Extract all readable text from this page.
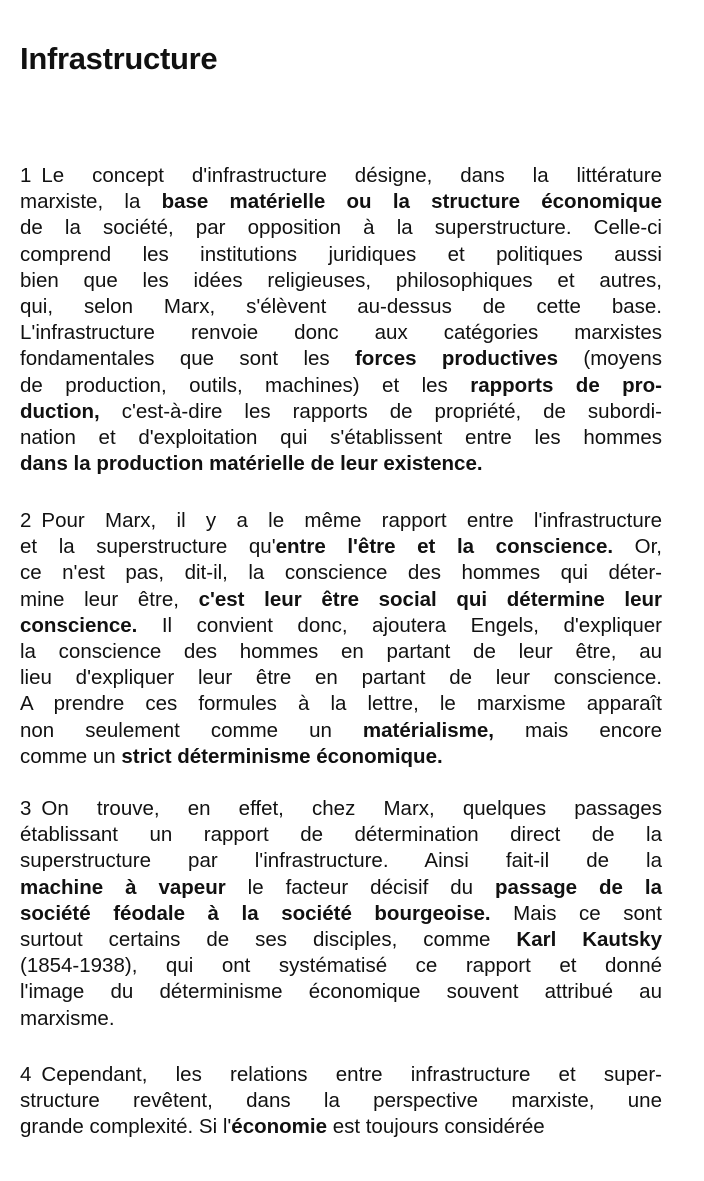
Infrastructure
1 Le concept d'infrastructure désigne, dans la littérature
marxiste, la base matérielle ou la structure économique
de la société, par opposition à la superstructure. Celle-ci
comprend les institutions juridiques et politiques aussi
bien que les idées religieuses, philosophiques et autres,
qui, selon Marx, s'élèvent au-dessus de cette base.
L'infrastructure renvoie donc aux catégories marxistes
fondamentales que sont les forces productives (moyens
de production, outils, machines) et les rapports de pro-
duction, c'est-à-dire les rapports de propriété, de subordi-
nation et d'exploitation qui s'établissent entre les hommes
dans la production matérielle de leur existence.
2 Pour Marx, il y a le même rapport entre l'infrastructure
et la superstructure qu'entre l'être et la conscience. Or,
ce n'est pas, dit-il, la conscience des hommes qui déter-
mine leur être, c'est leur être social qui détermine leur
conscience. Il convient donc, ajoutera Engels, d'expliquer
la conscience des hommes en partant de leur être, au
lieu d'expliquer leur être en partant de leur conscience.
A prendre ces formules à la lettre, le marxisme apparaît
non seulement comme un matérialisme, mais encore
comme un strict déterminisme économique.
3 On trouve, en effet, chez Marx, quelques passages
établissant un rapport de détermination direct de la
superstructure par l'infrastructure. Ainsi fait-il de la
machine à vapeur le facteur décisif du passage de la
société féodale à la société bourgeoise. Mais ce sont
surtout certains de ses disciples, comme Karl Kautsky
(1854-1938), qui ont systématisé ce rapport et donné
l'image du déterminisme économique souvent attribué au
marxisme.
4 Cependant, les relations entre infrastructure et super-
structure revêtent, dans la perspective marxiste, une
grande complexité. Si l'économie est toujours considérée
